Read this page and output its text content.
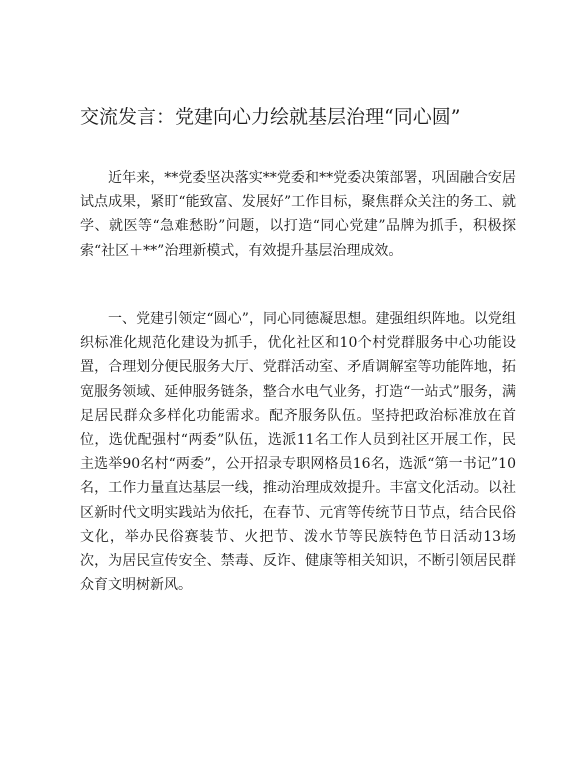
交流发言：党建向心力绘就基层治理“同心圆”

近年来，**党委坚决落实**党委和**党委决策部署，巩固融合安居试点成果，紧盯“能致富、发展好”工作目标，聚焦群众关注的务工、就学、就医等“急难愁盼”问题，以打造“同心党建”品牌为抓手，积极探索“社区＋**”治理新模式，有效提升基层治理成效。

一、党建引领定“圆心”，同心同德凝思想。建强组织阵地。以党组织标准化规范化建设为抓手，优化社区和10个村党群服务中心功能设置，合理划分便民服务大厅、党群活动室、矛盾调解室等功能阵地，拓宽服务领域、延伸服务链条，整合水电气业务，打造“一站式”服务，满足居民群众多样化功能需求。配齐服务队伍。坚持把政治标准放在首位，选优配强村“两委”队伍，选派11名工作人员到社区开展工作，民主选举90名村“两委”，公开招录专职网格员16名，选派“第一书记”10名，工作力量直达基层一线，推动治理成效提升。丰富文化活动。以社区新时代文明实践站为依托，在春节、元宵等传统节日节点，结合民俗文化，举办民俗赛装节、火把节、泼水节等民族特色节日活动13场次，为居民宣传安全、禁毒、反诈、健康等相关知识，不断引领居民群众育文明树新风。
